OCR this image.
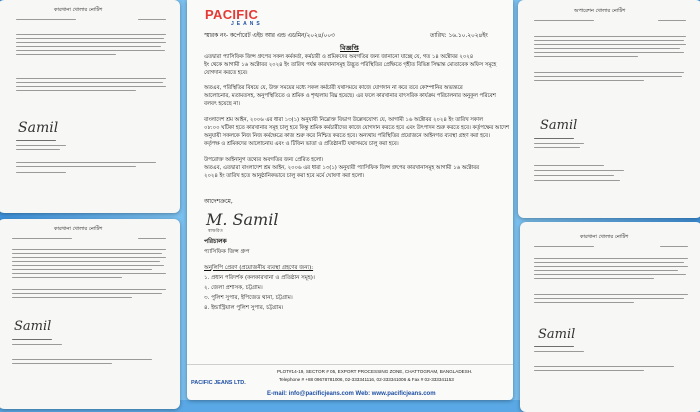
কারখানা খোলার নোটিশ
Samil
কারখানা খোলার নোটিশ
Samil
অপারেশন খোলার নোটিশ
Samil
কারখানা খোলার নোটিশ
Samil
PACIFIC
JEANS
স্মারক নং- কর্পোরেট এইচ আর এন্ড এডমিন/২০২৪/০০৩	তারিখ: ১৬.১০.২০২৪ইং
বিজ্ঞপ্তি
এতদ্বারা প্যাসিফিক জিন্স গ্রুপের সকল কর্মকর্তা, কর্মচারী ও শ্রমিকদের অবগতির জন্য জানানো যাচ্ছে যে, গত ১৪ অক্টোবর ২০২৪
ইং থেকে আগামী ১৬ অক্টোবর ২০২৪ ইং তারিখ পর্যন্ত কারখানাসমূহ উদ্ভূত পরিস্থিতির প্রেক্ষিতে গৃহীত বিভিন্ন সিদ্ধান্ত মোতাবেক অফিস সমূহে
যোগদান করতে হবে।
অতএব, পরিস্থিতির বিষয়ে যে, উক্ত সময়ের মধ্যে সকল কর্মচারী যথাসময়ে কাজে যোগদান না করে তবে কোম্পানির অভ্যন্তরে
আলোচনার, মতামতসহ, অনুপস্থিতিতে ও শ্রমিক ও শৃঙ্খলায় বিঘ্ন হয়েছে। এর ফলে কারখানার বাৎসরিক কার্যক্রম পরিচালনার অনুকূল পরিবেশ
বলবৎ হয়েছে না।
বাংলাদেশ শ্রম আইন, ২০০৬ এর ধারা ১৩(১) অনুযায়ী নিম্নোক্ত বিভাগ উল্লেখযোগ্য যে, আগামী ১৬ অক্টোবর ২০২৪ ইং তারিখ সকাল
০৮:০০ ঘটিকা হতে কারখানার সমূহ চালু হবে কিন্তু শ্রমিক কর্মচারীদের কাজে যোগদান করতে হবে এবং উৎপাদন শুরু করতে হবে। কর্তৃপক্ষের আদেশ
অনুযায়ী সকলকে নিজ নিজ কর্মক্ষেত্রে কাজ শুরু করে নিশ্চিত করতে হবে। অন্যথায় পরিস্থিতির প্রয়োজনে আইনগত ব্যবস্থা গ্রহণ করা হবে।
কর্তৃপক্ষ ও শ্রমিকদের আলোচনায় এবং ও টিফিন ভাতা ও প্রতিষ্ঠানটি যথাসময়ে চালু করা হবে।
উপরোক্ত আইনানুগ তথ্যের অবগতির জন্য প্রেরিত হলো।
অতএব, এতদ্বারা বাংলাদেশ শ্রম আইন, ২০০৬ এর ধারা ১৩(১) অনুযায়ী প্যাসিফিক জিন্স গ্রুপের কারখানাসমূহ আগামী ১৬ অক্টোবর
২০২৪ ইং তারিখ হতে আনুষ্ঠানিকভাবে চালু করা হবে মর্মে ঘোষণা করা হলো।
আদেশক্রমে,
M. Samil
স্বাক্ষরিত
পরিচালক
প্যাসিফিক জিন্স গ্রুপ
অনুলিপি প্রেরণ (প্রয়োজনীয় ব্যবস্থা গ্রহণের জন্য):
১. প্রধান পরিদর্শক (কলকারখানা ও প্রতিষ্ঠান সমূহ)।
২. জেলা প্রশাসক, চট্টগ্রাম।
৩. পুলিশ সুপার, ইপিজেড থানা, চট্টগ্রাম।
৪. ইন্ডাস্ট্রিয়াল পুলিশ সুপার, চট্টগ্রাম।
PACIFIC JEANS LTD.
PLOT#14-19, SECTOR # 05, EXPORT PROCESSING ZONE, CHATTOGRAM, BANGLADESH.
Telephone # +88 09678781006, 02-333341116, 02-333341006 & Fax # 02-333341153
E-mail: info@pacificjeans.com Web: www.pacificjeans.com
